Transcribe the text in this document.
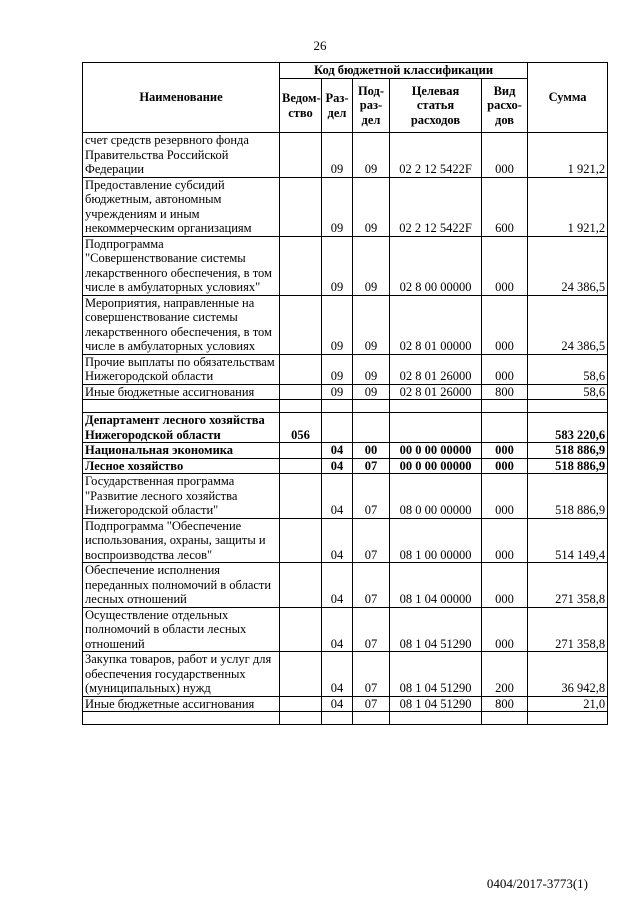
26
Наименование	Код бюджетной классификации					Сумма
	Ведом-ство	Раз-дел	Под-раз-дел	Целевая статья расходов	Вид расхо-дов	
счет средств резервного фонда Правительства Российской Федерации		09	09	02 2 12 5422F	000	1 921,2
Предоставление субсидий бюджетным, автономным учреждениям и иным некоммерческим организациям		09	09	02 2 12 5422F	600	1 921,2
Подпрограмма "Совершенствование системы лекарственного обеспечения, в том числе в амбулаторных условиях"		09	09	02 8 00 00000	000	24 386,5
Мероприятия, направленные на совершенствование системы лекарственного обеспечения, в том числе в амбулаторных условиях		09	09	02 8 01 00000	000	24 386,5
Прочие выплаты по обязательствам Нижегородской области		09	09	02 8 01 26000	000	58,6
Иные бюджетные ассигнования		09	09	02 8 01 26000	800	58,6

Департамент лесного хозяйства Нижегородской области	056					583 220,6
Национальная экономика		04	00	00 0 00 00000	000	518 886,9
Лесное хозяйство		04	07	00 0 00 00000	000	518 886,9
Государственная программа "Развитие лесного хозяйства Нижегородской области"		04	07	08 0 00 00000	000	518 886,9
Подпрограмма "Обеспечение использования, охраны, защиты и воспроизводства лесов"		04	07	08 1 00 00000	000	514 149,4
Обеспечение исполнения переданных полномочий в области лесных отношений		04	07	08 1 04 00000	000	271 358,8
Осуществление отдельных полномочий в области лесных отношений		04	07	08 1 04 51290	000	271 358,8
Закупка товаров, работ и услуг для обеспечения государственных (муниципальных) нужд		04	07	08 1 04 51290	200	36 942,8
Иные бюджетные ассигнования		04	07	08 1 04 51290	800	21,0

0404/2017-3773(1)
